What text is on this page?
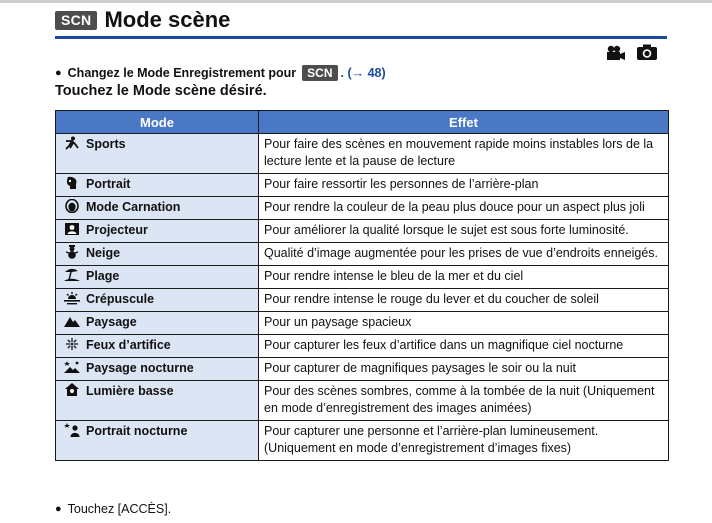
SCN Mode scène
● Changez le Mode Enregistrement pour SCN . (→ 48)
Touchez le Mode scène désiré.
Mode	Effet
Sports	Pour faire des scènes en mouvement rapide moins instables lors de la lecture lente et la pause de lecture
Portrait	Pour faire ressortir les personnes de l’arrière-plan
Mode Carnation	Pour rendre la couleur de la peau plus douce pour un aspect plus joli
Projecteur	Pour améliorer la qualité lorsque le sujet est sous forte luminosité.
Neige	Qualité d’image augmentée pour les prises de vue d’endroits enneigés.
Plage	Pour rendre intense le bleu de la mer et du ciel
Crépuscule	Pour rendre intense le rouge du lever et du coucher de soleil
Paysage	Pour un paysage spacieux
Feux d’artifice	Pour capturer les feux d’artifice dans un magnifique ciel nocturne
Paysage nocturne	Pour capturer de magnifiques paysages le soir ou la nuit
Lumière basse	Pour des scènes sombres, comme à la tombée de la nuit (Uniquement en mode d’enregistrement des images animées)
Portrait nocturne	Pour capturer une personne et l’arrière-plan lumineusement. (Uniquement en mode d’enregistrement d’images fixes)
● Touchez [ACCÈS].
